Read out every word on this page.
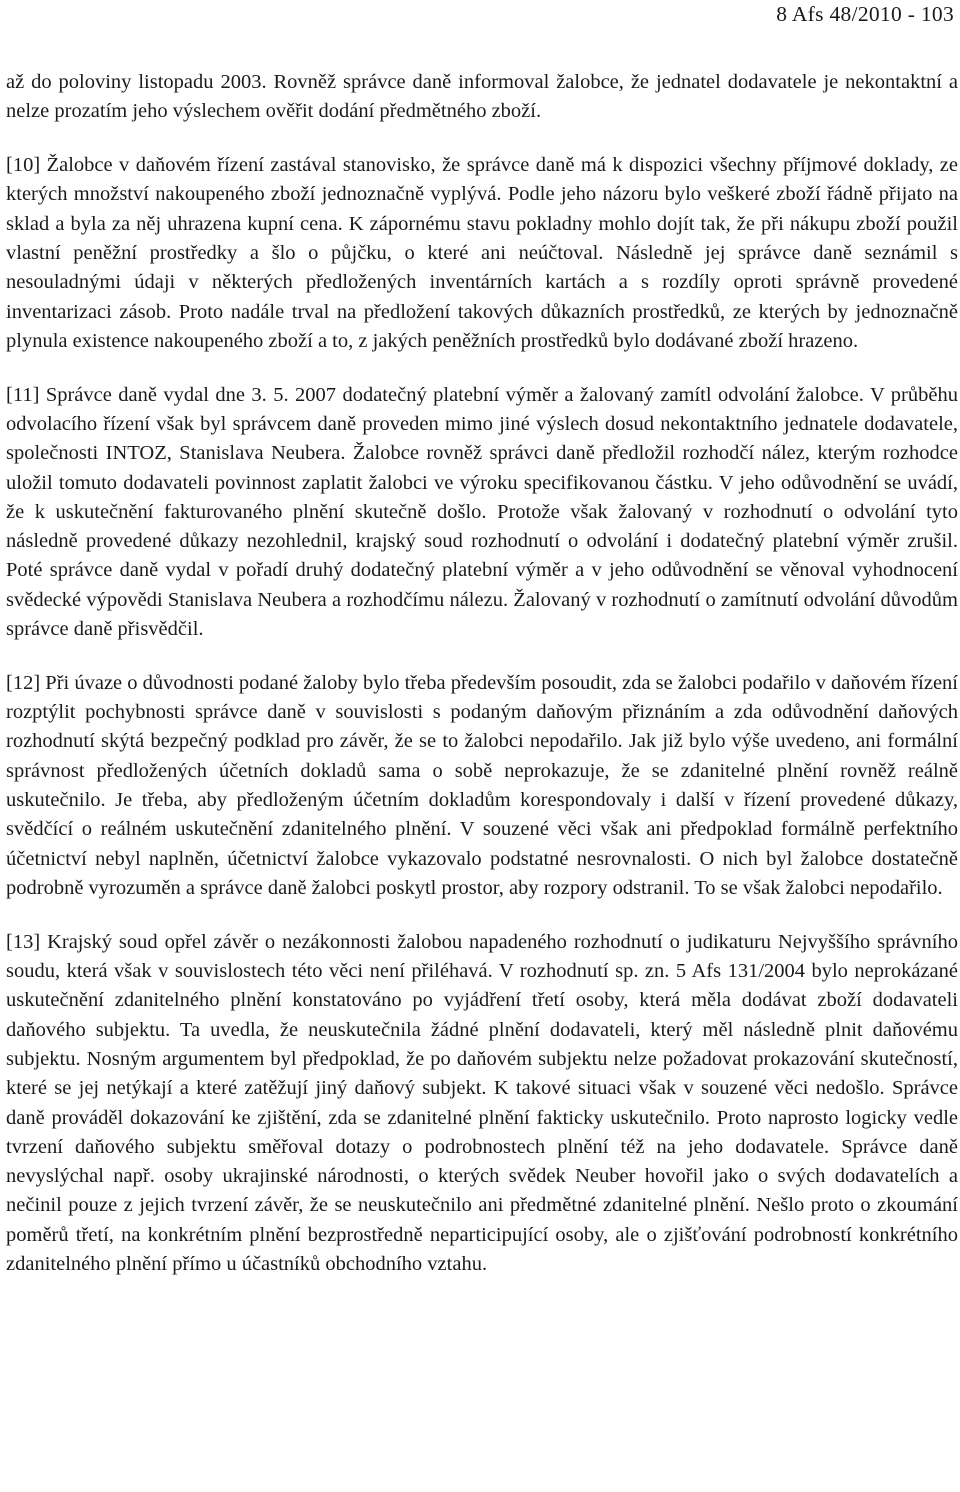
8 Afs 48/2010 - 103

až do poloviny listopadu 2003. Rovněž správce daně informoval žalobce, že jednatel dodavatele je nekontaktní a nelze prozatím jeho výslechem ověřit dodání předmětného zboží.

[10] Žalobce v daňovém řízení zastával stanovisko, že správce daně má k dispozici všechny příjmové doklady, ze kterých množství nakoupeného zboží jednoznačně vyplývá. Podle jeho názoru bylo veškeré zboží řádně přijato na sklad a byla za něj uhrazena kupní cena. K zápornému stavu pokladny mohlo dojít tak, že při nákupu zboží použil vlastní peněžní prostředky a šlo o půjčku, o které ani neúčtoval. Následně jej správce daně seznámil s nesouladnými údaji v některých předložených inventárních kartách a s rozdíly oproti správně provedené inventarizaci zásob. Proto nadále trval na předložení takových důkazních prostředků, ze kterých by jednoznačně plynula existence nakoupeného zboží a to, z jakých peněžních prostředků bylo dodávané zboží hrazeno.

[11] Správce daně vydal dne 3. 5. 2007 dodatečný platební výměr a žalovaný zamítl odvolání žalobce. V průběhu odvolacího řízení však byl správcem daně proveden mimo jiné výslech dosud nekontaktního jednatele dodavatele, společnosti INTOZ, Stanislava Neubera. Žalobce rovněž správci daně předložil rozhodčí nález, kterým rozhodce uložil tomuto dodavateli povinnost zaplatit žalobci ve výroku specifikovanou částku. V jeho odůvodnění se uvádí, že k uskutečnění fakturovaného plnění skutečně došlo. Protože však žalovaný v rozhodnutí o odvolání tyto následně provedené důkazy nezohlednil, krajský soud rozhodnutí o odvolání i dodatečný platební výměr zrušil. Poté správce daně vydal v pořadí druhý dodatečný platební výměr a v jeho odůvodnění se věnoval vyhodnocení svědecké výpovědi Stanislava Neubera a rozhodčímu nálezu. Žalovaný v rozhodnutí o zamítnutí odvolání důvodům správce daně přisvědčil.

[12] Při úvaze o důvodnosti podané žaloby bylo třeba především posoudit, zda se žalobci podařilo v daňovém řízení rozptýlit pochybnosti správce daně v souvislosti s podaným daňovým přiznáním a zda odůvodnění daňových rozhodnutí skýtá bezpečný podklad pro závěr, že se to žalobci nepodařilo. Jak již bylo výše uvedeno, ani formální správnost předložených účetních dokladů sama o sobě neprokazuje, že se zdanitelné plnění rovněž reálně uskutečnilo. Je třeba, aby předloženým účetním dokladům korespondovaly i další v řízení provedené důkazy, svědčící o reálném uskutečnění zdanitelného plnění. V souzené věci však ani předpoklad formálně perfektního účetnictví nebyl naplněn, účetnictví žalobce vykazovalo podstatné nesrovnalosti. O nich byl žalobce dostatečně podrobně vyrozuměn a správce daně žalobci poskytl prostor, aby rozpory odstranil. To se však žalobci nepodařilo.

[13] Krajský soud opřel závěr o nezákonnosti žalobou napadeného rozhodnutí o judikaturu Nejvyššího správního soudu, která však v souvislostech této věci není přiléhavá. V rozhodnutí sp. zn. 5 Afs 131/2004 bylo neprokázané uskutečnění zdanitelného plnění konstatováno po vyjádření třetí osoby, která měla dodávat zboží dodavateli daňového subjektu. Ta uvedla, že neuskutečnila žádné plnění dodavateli, který měl následně plnit daňovému subjektu. Nosným argumentem byl předpoklad, že po daňovém subjektu nelze požadovat prokazování skutečností, které se jej netýkají a které zatěžují jiný daňový subjekt. K takové situaci však v souzené věci nedošlo. Správce daně prováděl dokazování ke zjištění, zda se zdanitelné plnění fakticky uskutečnilo. Proto naprosto logicky vedle tvrzení daňového subjektu směřoval dotazy o podrobnostech plnění též na jeho dodavatele. Správce daně nevyslýchal např. osoby ukrajinské národnosti, o kterých svědek Neuber hovořil jako o svých dodavatelích a nečinil pouze z jejich tvrzení závěr, že se neuskutečnilo ani předmětné zdanitelné plnění. Nešlo proto o zkoumání poměrů třetí, na konkrétním plnění bezprostředně neparticipující osoby, ale o zjišťování podrobností konkrétního zdanitelného plnění přímo u účastníků obchodního vztahu.
